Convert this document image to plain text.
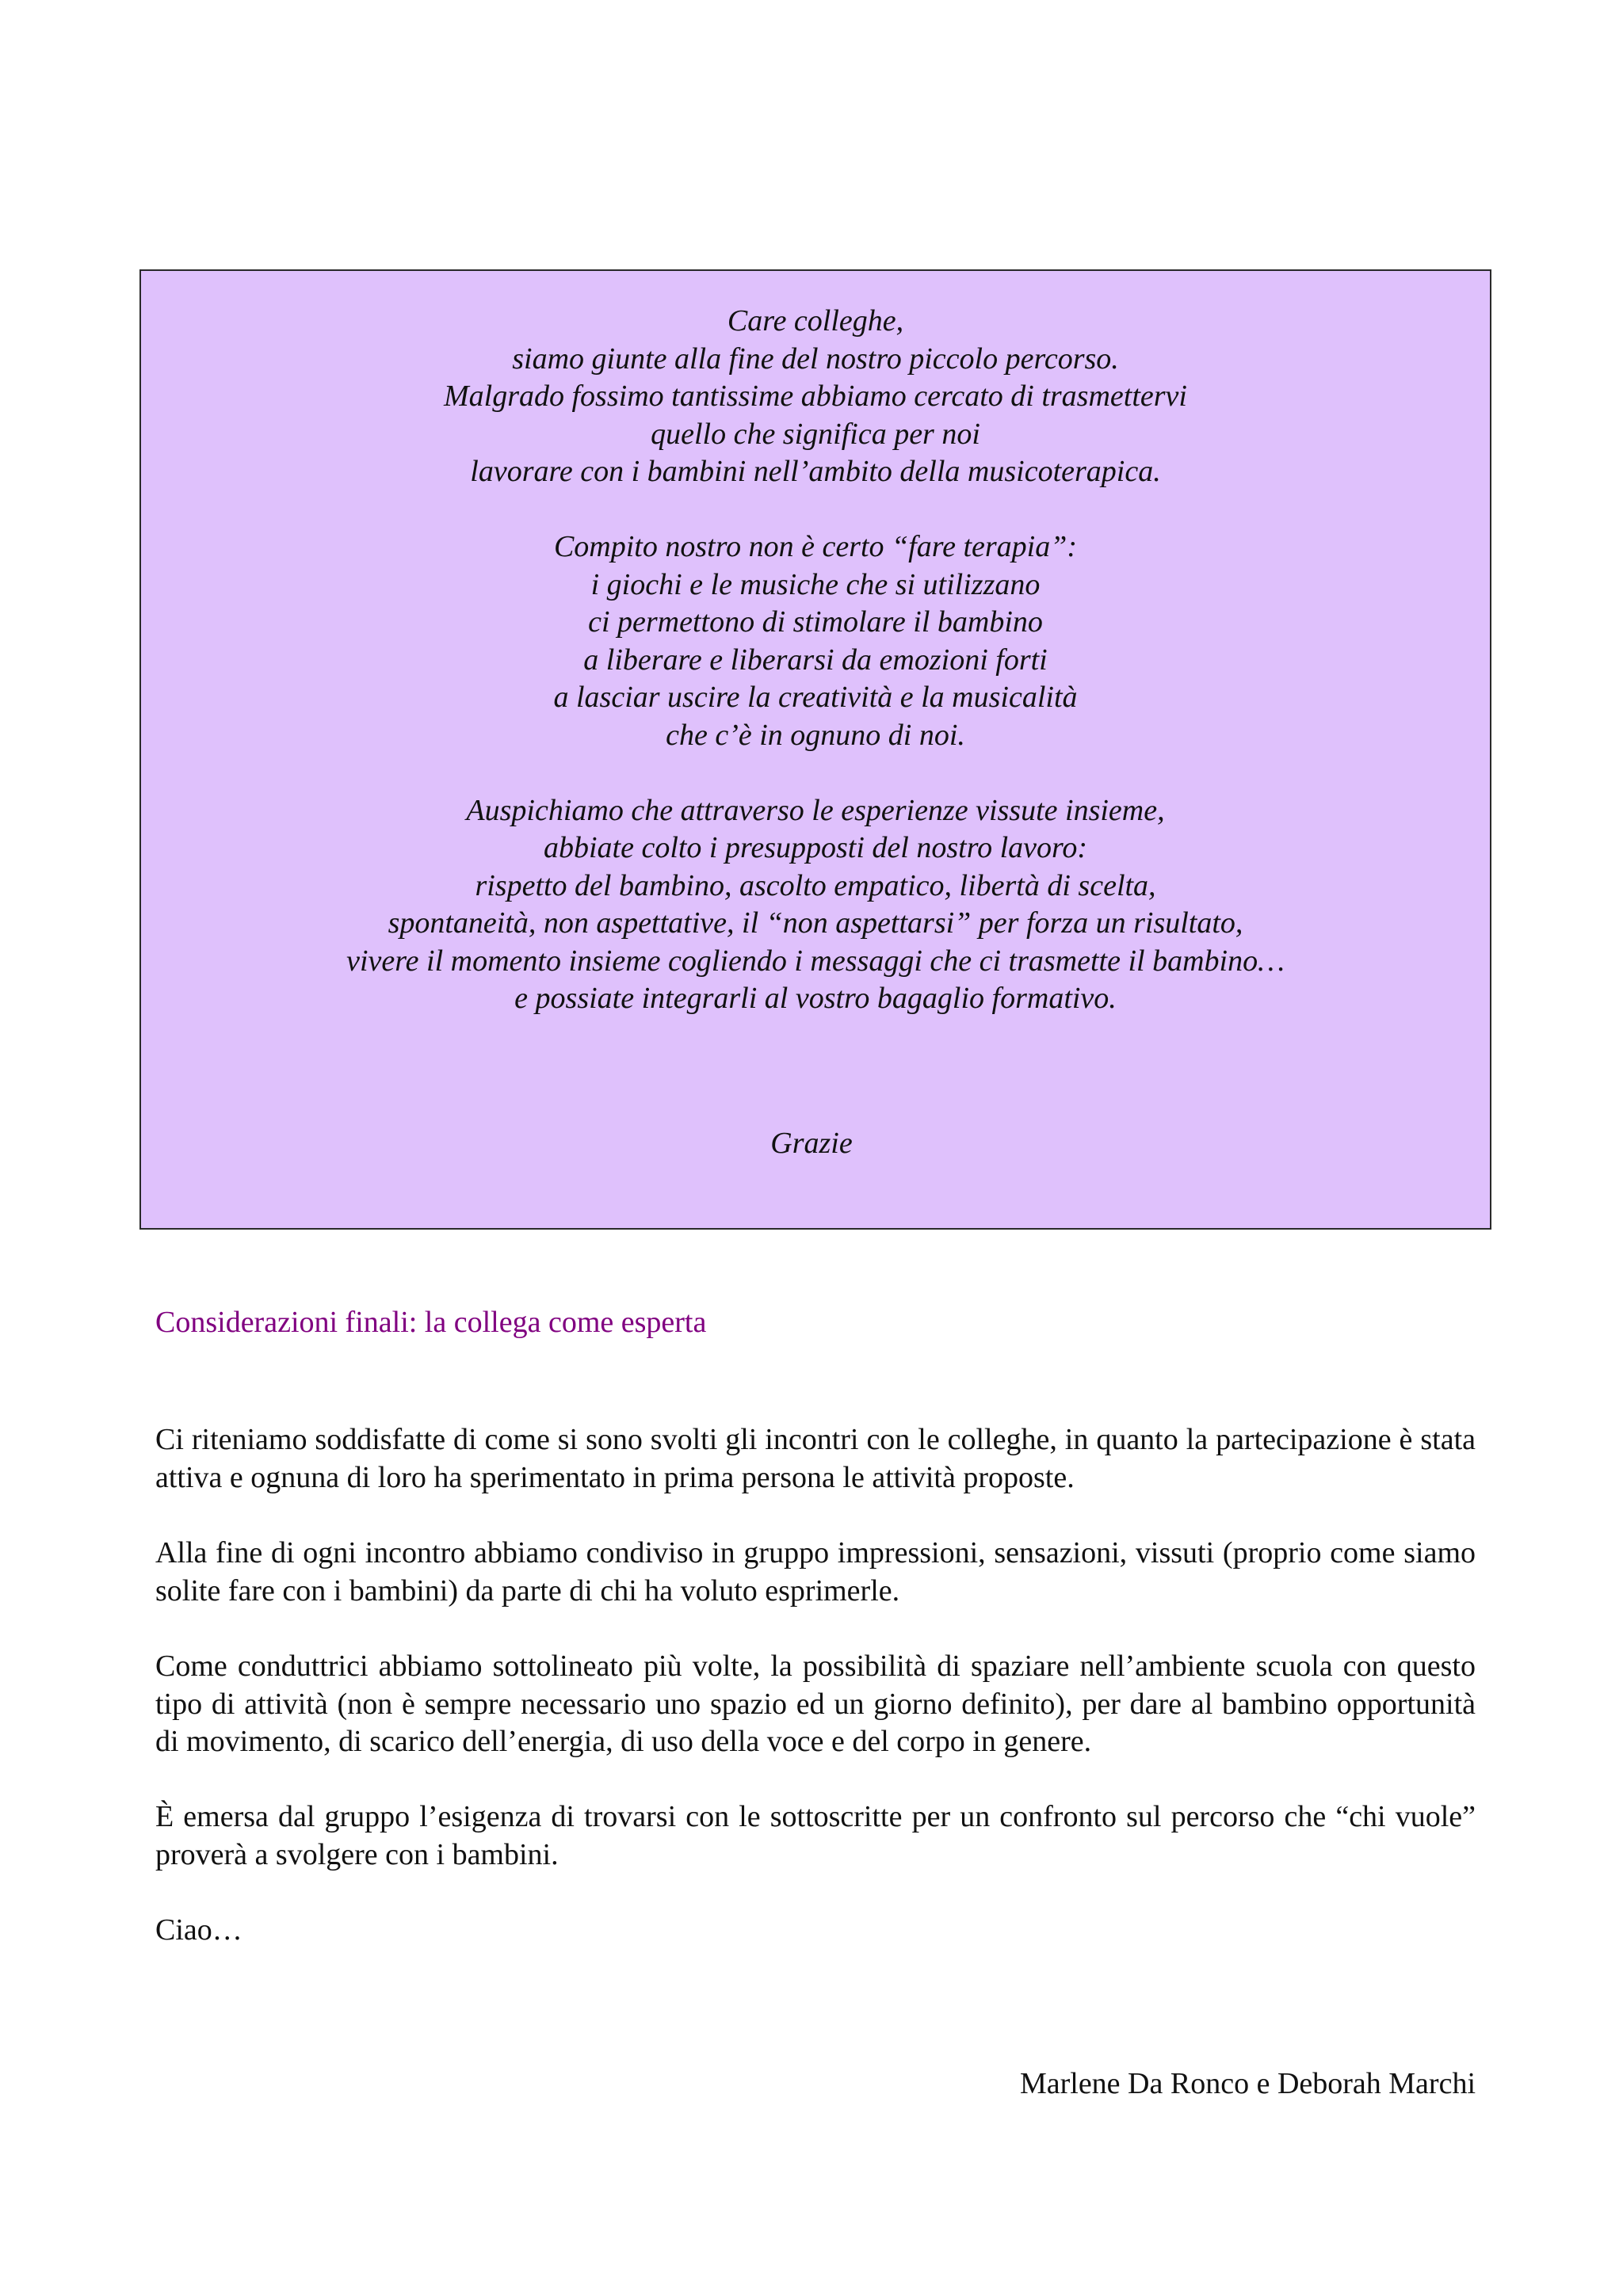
Care colleghe,
siamo giunte alla fine del nostro piccolo percorso.
Malgrado fossimo tantissime abbiamo cercato di trasmettervi
quello che significa per noi
lavorare con i bambini nell’ambito della musicoterapica.

Compito nostro non è certo “fare terapia”:
i giochi e le musiche che si utilizzano
ci permettono di stimolare il bambino
a liberare e liberarsi da emozioni forti
a lasciar uscire la creatività e la musicalità
che c’è in ognuno di noi.

Auspichiamo che attraverso le esperienze vissute insieme,
abbiate colto i presupposti del nostro lavoro:
rispetto del bambino, ascolto empatico, libertà di scelta,
spontaneità, non aspettative, il “non aspettarsi” per forza un risultato,
vivere il momento insieme cogliendo i messaggi che ci trasmette il bambino…
e possiate integrarli al vostro bagaglio formativo.

Grazie
Considerazioni finali: la collega come esperta

Ci riteniamo soddisfatte di come si sono svolti gli incontri con le colleghe, in quanto la partecipazione è stata attiva e ognuna di loro ha sperimentato in prima persona le attività proposte.

Alla fine di ogni incontro abbiamo condiviso in gruppo impressioni, sensazioni, vissuti (proprio come siamo solite fare con i bambini) da parte di chi ha voluto esprimerle.

Come conduttrici abbiamo sottolineato più volte, la possibilità di spaziare nell’ambiente scuola con questo tipo di attività (non è sempre necessario uno spazio ed un giorno definito), per dare al bambino opportunità di movimento, di scarico dell’energia, di uso della voce e del corpo in genere.

È emersa dal gruppo l’esigenza di trovarsi con le sottoscritte per un confronto sul percorso che “chi vuole” proverà a svolgere con i bambini.

Ciao…

Marlene Da Ronco e Deborah Marchi
